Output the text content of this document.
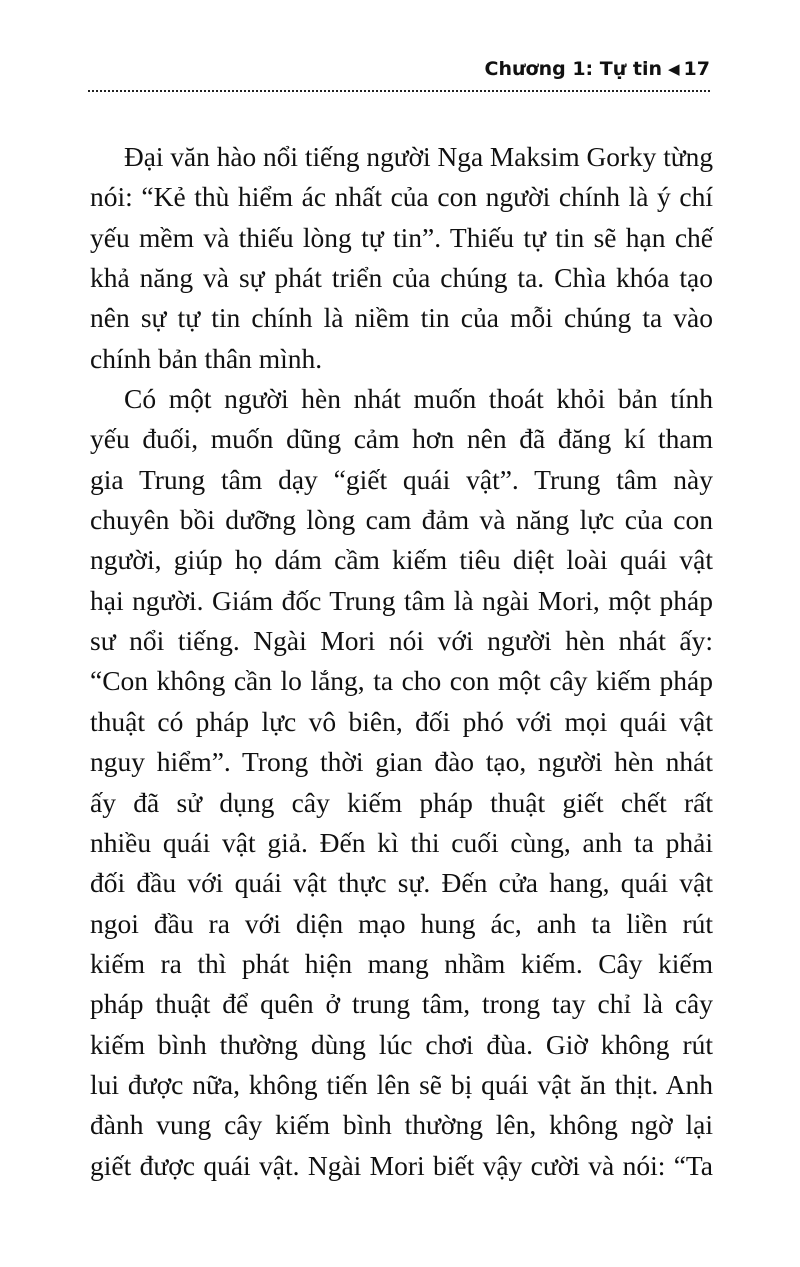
Chương 1: Tự tin ◀ 17
Đại văn hào nổi tiếng người Nga Maksim Gorky từng
nói: “Kẻ thù hiểm ác nhất của con người chính là ý chí
yếu mềm và thiếu lòng tự tin”. Thiếu tự tin sẽ hạn chế
khả năng và sự phát triển của chúng ta. Chìa khóa tạo
nên sự tự tin chính là niềm tin của mỗi chúng ta vào
chính bản thân mình.
Có một người hèn nhát muốn thoát khỏi bản tính
yếu đuối, muốn dũng cảm hơn nên đã đăng kí tham
gia Trung tâm dạy “giết quái vật”. Trung tâm này
chuyên bồi dưỡng lòng cam đảm và năng lực của con
người, giúp họ dám cầm kiếm tiêu diệt loài quái vật
hại người. Giám đốc Trung tâm là ngài Mori, một pháp
sư nổi tiếng. Ngài Mori nói với người hèn nhát ấy:
“Con không cần lo lắng, ta cho con một cây kiếm pháp
thuật có pháp lực vô biên, đối phó với mọi quái vật
nguy hiểm”. Trong thời gian đào tạo, người hèn nhát
ấy đã sử dụng cây kiếm pháp thuật giết chết rất
nhiều quái vật giả. Đến kì thi cuối cùng, anh ta phải
đối đầu với quái vật thực sự. Đến cửa hang, quái vật
ngoi đầu ra với diện mạo hung ác, anh ta liền rút
kiếm ra thì phát hiện mang nhầm kiếm. Cây kiếm
pháp thuật để quên ở trung tâm, trong tay chỉ là cây
kiếm bình thường dùng lúc chơi đùa. Giờ không rút
lui được nữa, không tiến lên sẽ bị quái vật ăn thịt. Anh
đành vung cây kiếm bình thường lên, không ngờ lại
giết được quái vật. Ngài Mori biết vậy cười và nói: “Ta
